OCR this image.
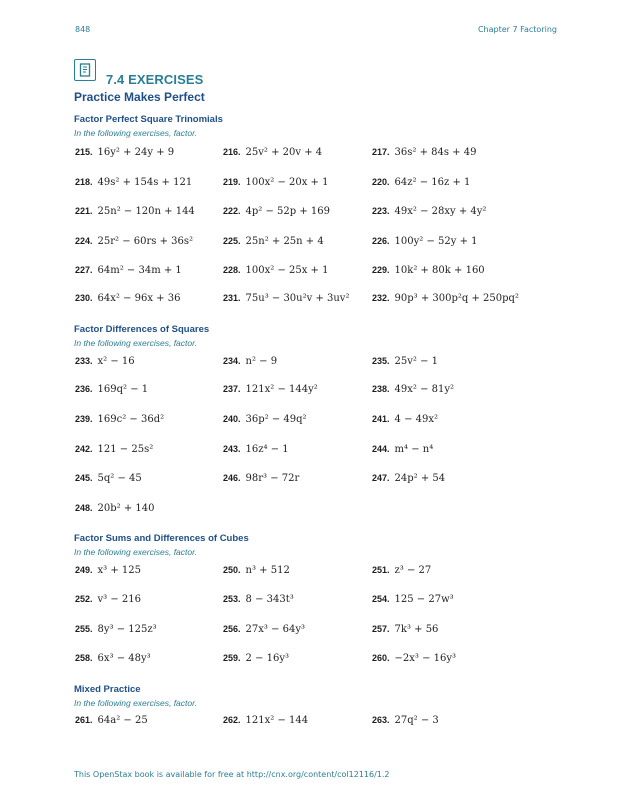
848	Chapter 7 Factoring
7.4 EXERCISES
Practice Makes Perfect
Factor Perfect Square Trinomials
In the following exercises, factor.
215. 16y² + 24y + 9	216. 25v² + 20v + 4	217. 36s² + 84s + 49
218. 49s² + 154s + 121	219. 100x² − 20x + 1	220. 64z² − 16z + 1
221. 25n² − 120n + 144	222. 4p² − 52p + 169	223. 49x² − 28xy + 4y²
224. 25r² − 60rs + 36s²	225. 25n² + 25n + 4	226. 100y² − 52y + 1
227. 64m² − 34m + 1	228. 100x² − 25x + 1	229. 10k² + 80k + 160
230. 64x² − 96x + 36	231. 75u³ − 30u²v + 3uv²	232. 90p³ + 300p²q + 250pq²
Factor Differences of Squares
In the following exercises, factor.
233. x² − 16	234. n² − 9	235. 25v² − 1
236. 169q² − 1	237. 121x² − 144y²	238. 49x² − 81y²
239. 169c² − 36d²	240. 36p² − 49q²	241. 4 − 49x²
242. 121 − 25s²	243. 16z⁴ − 1	244. m⁴ − n⁴
245. 5q² − 45	246. 98r³ − 72r	247. 24p² + 54
248. 20b² + 140
Factor Sums and Differences of Cubes
In the following exercises, factor.
249. x³ + 125	250. n³ + 512	251. z³ − 27
252. v³ − 216	253. 8 − 343t³	254. 125 − 27w³
255. 8y³ − 125z³	256. 27x³ − 64y³	257. 7k³ + 56
258. 6x³ − 48y³	259. 2 − 16y³	260. −2x³ − 16y³
Mixed Practice
In the following exercises, factor.
261. 64a² − 25	262. 121x² − 144	263. 27q² − 3
This OpenStax book is available for free at http://cnx.org/content/col12116/1.2
